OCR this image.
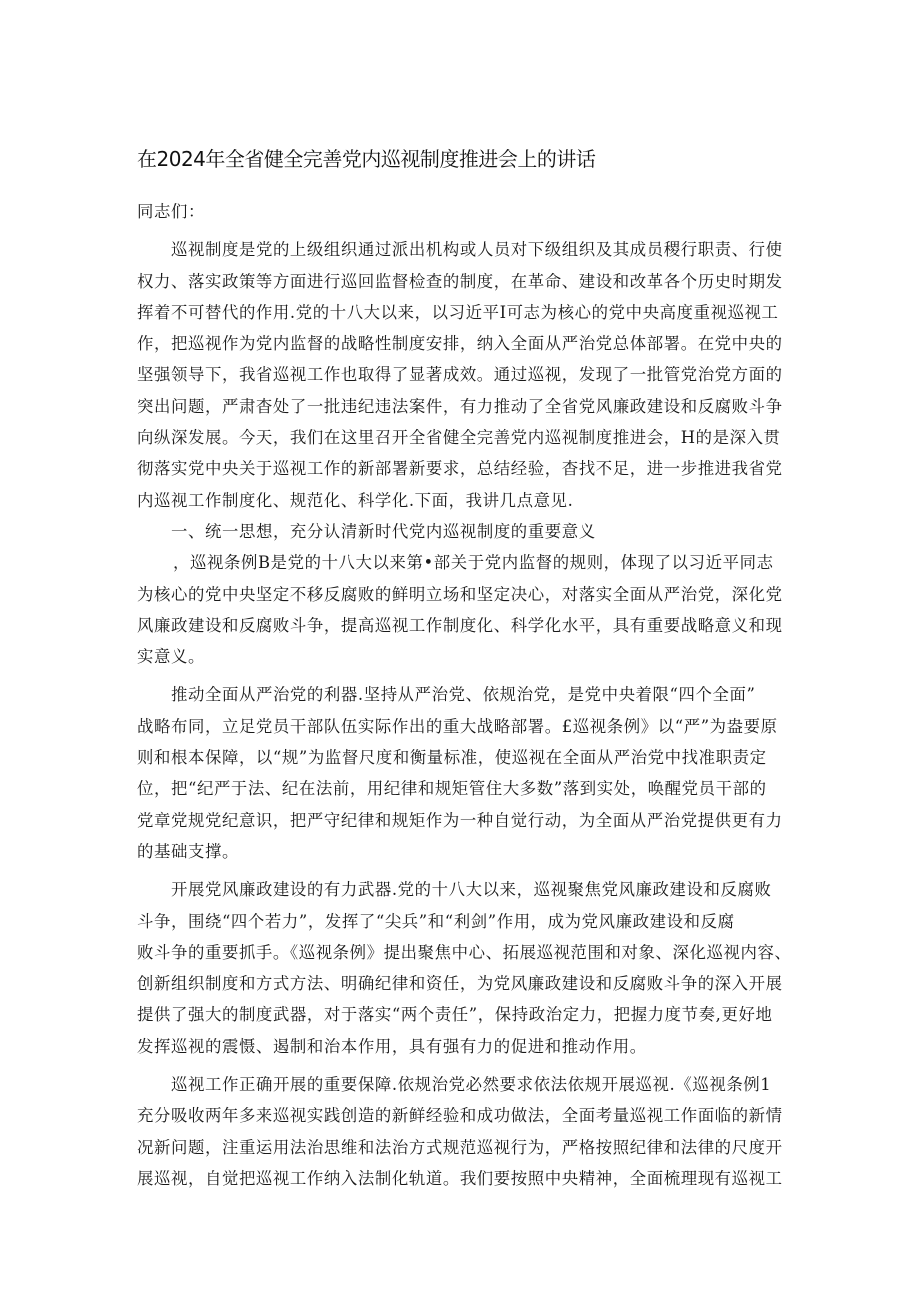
在2024年全省健全完善党内巡视制度推进会上的讲话
同志们：
巡视制度是党的上级组织通过派出机构或人员对下级组织及其成员稷行职责、行使
权力、落实政策等方面进行巡回监督检查的制度，在革命、建设和改革各个历史时期发
挥着不可替代的作用.党的十八大以来，以习近平I可志为核心的党中央高度重视巡视工
作，把巡视作为党内监督的战略性制度安排，纳入全面从严治党总体部署。在党中央的
坚强领导下，我省巡视工作也取得了显著成效。通过巡视，发现了一批管党治党方面的
突出问题，严肃杳处了一批违纪违法案件，有力推动了全省党风廉政建设和反腐败斗争
向纵深发展。今天，我们在这里召开全省健全完善党内巡视制度推进会，H的是深入贯
彻落实党中央关于巡视工作的新部署新要求，总结经验，杳找不足，进一步推进我省党
内巡视工作制度化、规范化、科学化.下面，我讲几点意见.
一、统一思想，充分认清新时代党内巡视制度的重要意义
，巡视条例B是党的十八大以来第•部关于党内监督的规则，体现了以习近平同志
为核心的党中央坚定不移反腐败的鲜明立场和坚定决心，对落实全面从严治党，深化党
风廉政建设和反腐败斗争，提高巡视工作制度化、科学化水平，具有重要战略意义和现
实意义。
推动全面从严治党的利器.坚持从严治党、依规治党，是党中央着限“四个全面”
战略布同，立足党员干部队伍实际作出的重大战略部署。£巡视条例》以“严”为盎要原
则和根本保障，以“规”为监督尺度和衡量标准，使巡视在全面从严治党中找准职责定
位，把“纪严于法、纪在法前，用纪律和规矩管住大多数”落到实处，唤醒党员干部的
党章党规党纪意识，把严守纪律和规矩作为一种自觉行动，为全面从严治党提供更有力
的基础支撑。
开展党风廉政建设的有力武器.党的十八大以来，巡视聚焦党风廉政建设和反腐败
斗争，围绕“四个若力”，发挥了“尖兵”和“利剑”作用，成为党风廉政建设和反腐
败斗争的重要抓手。《巡视条例》提出聚焦中心、拓展巡视范围和对象、深化巡视内容、
创新组织制度和方式方法、明确纪律和资任，为党风廉政建设和反腐败斗争的深入开展
提供了强大的制度武器，对于落实“两个责任”，保持政治定力，把握力度节奏,更好地
发挥巡视的震慑、遏制和治本作用，具有强有力的促进和推动作用。
巡视工作正确开展的重要保障.依规治党必然要求依法依规开展巡视.《巡视条例1
充分吸收两年多来巡视实践创造的新鲜经验和成功做法，全面考量巡视工作面临的新情
况新问题，注重运用法治思维和法治方式规范巡视行为，严格按照纪律和法律的尺度开
展巡视，自觉把巡视工作纳入法制化轨道。我们要按照中央精神，全面梳理现有巡视工
